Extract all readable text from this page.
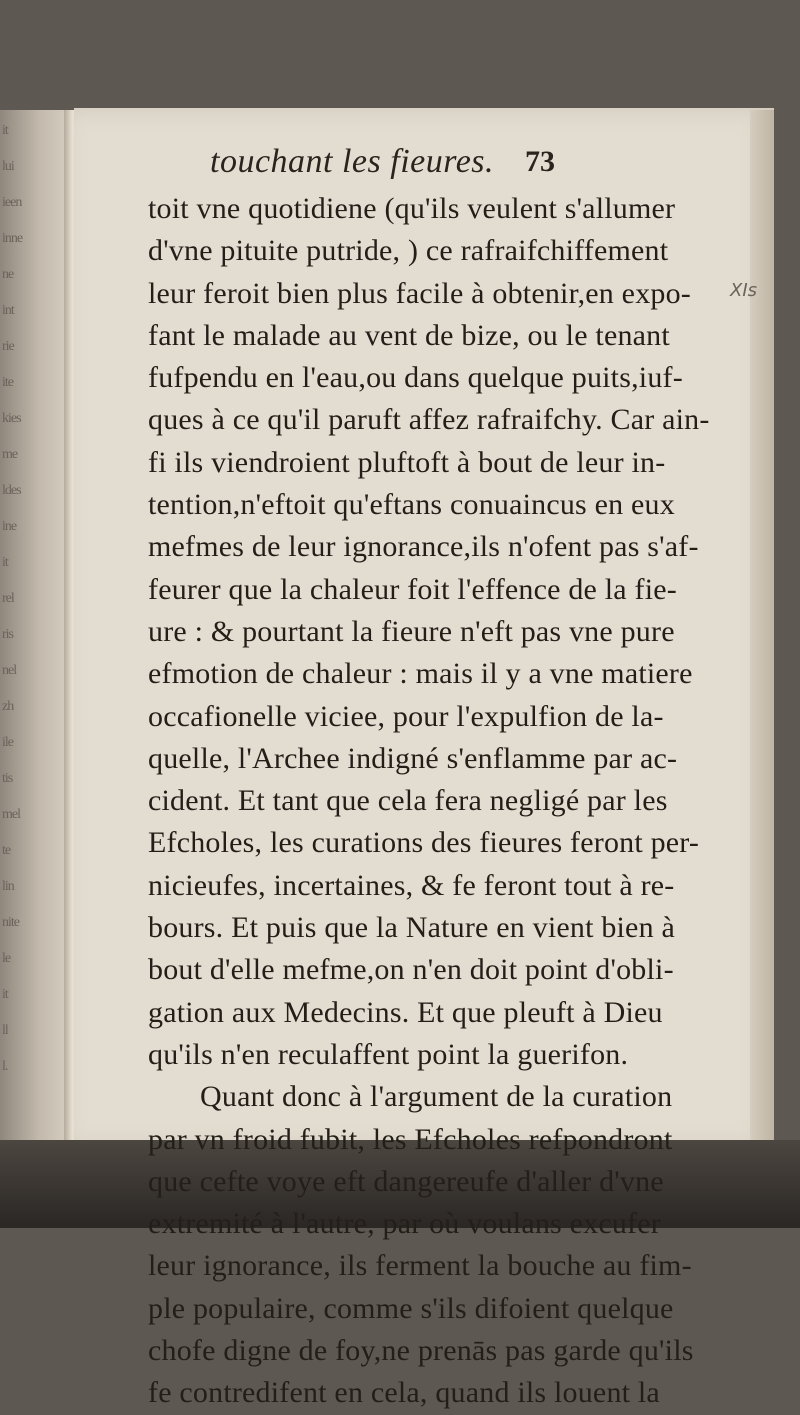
it
lui
ieen
inne
ne
int
rie
ite
kies
me
ldes
ine
it
rel
ris
nel
zh
ile
tis
mel
te
lin
nite
le
it
ll
l.
touchant les fieures. 73
toit vne quotidiene (qu'ils veulent s'allumer
d'vne pituite putride, ) ce rafraifchiffement
leur feroit bien plus facile à obtenir,en expo-
fant le malade au vent de bize, ou le tenant
fufpendu en l'eau,ou dans quelque puits,iuf-
ques à ce qu'il paruft affez rafraifchy. Car ain-
fi ils viendroient pluftoft à bout de leur in-
tention,n'eftoit qu'eftans conuaincus en eux
mefmes de leur ignorance,ils n'ofent pas s'af-
feurer que la chaleur foit l'effence de la fie-
ure : & pourtant la fieure n'eft pas vne pure
efmotion de chaleur : mais il y a vne matiere
occafionelle viciee, pour l'expulfion de la-
quelle, l'Archee indigné s'enflamme par ac-
cident. Et tant que cela fera negligé par les
Efcholes, les curations des fieures feront per-
nicieufes, incertaines, & fe feront tout à re-
bours. Et puis que la Nature en vient bien à
bout d'elle mefme,on n'en doit point d'obli-
gation aux Medecins. Et que pleuft à Dieu
qu'ils n'en reculaffent point la guerifon.
Quant donc à l'argument de la curation
par vn froid fubit, les Efcholes refpondront
que cefte voye eft dangereufe d'aller d'vne
extremité à l'autre, par où voulans excufer
leur ignorance, ils ferment la bouche au fim-
ple populaire, comme s'ils difoient quelque
chofe digne de foy,ne prenās pas garde qu'ils
fe contredifent en cela, quand ils louent la
XIs
